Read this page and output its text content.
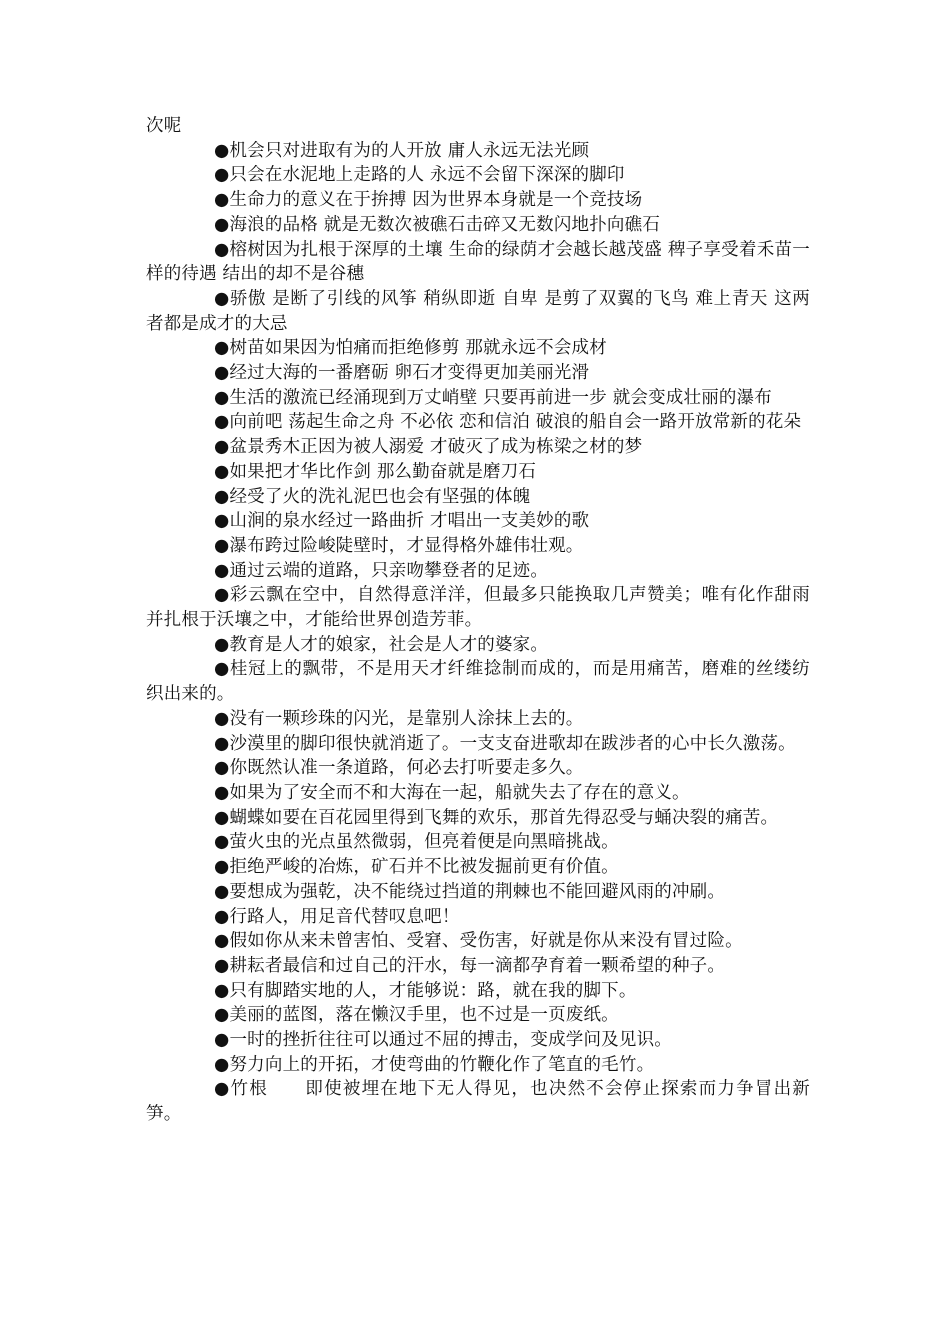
次呢

●机会只对进取有为的人开放 庸人永远无法光顾

●只会在水泥地上走路的人 永远不会留下深深的脚印

●生命力的意义在于拚搏 因为世界本身就是一个竞技场

●海浪的品格 就是无数次被礁石击碎又无数闪地扑向礁石

●榕树因为扎根于深厚的土壤 生命的绿荫才会越长越茂盛 稗子享受着禾苗一样的待遇 结出的却不是谷穗

●骄傲 是断了引线的风筝 稍纵即逝 自卑 是剪了双翼的飞鸟 难上青天 这两者都是成才的大忌

●树苗如果因为怕痛而拒绝修剪 那就永远不会成材

●经过大海的一番磨砺 卵石才变得更加美丽光滑

●生活的激流已经涌现到万丈峭壁 只要再前进一步 就会变成壮丽的瀑布

●向前吧 荡起生命之舟 不必依 恋和信泊 破浪的船自会一路开放常新的花朵

●盆景秀木正因为被人溺爱 才破灭了成为栋梁之材的梦

●如果把才华比作剑 那么勤奋就是磨刀石

●经受了火的洗礼泥巴也会有坚强的体魄

●山涧的泉水经过一路曲折 才唱出一支美妙的歌

●瀑布跨过险峻陡壁时，才显得格外雄伟壮观。

●通过云端的道路，只亲吻攀登者的足迹。

●彩云飘在空中，自然得意洋洋，但最多只能换取几声赞美；唯有化作甜雨并扎根于沃壤之中，才能给世界创造芳菲。

●教育是人才的娘家，社会是人才的婆家。

●桂冠上的飘带，不是用天才纤维捻制而成的，而是用痛苦，磨难的丝缕纺织出来的。

●没有一颗珍珠的闪光，是靠别人涂抹上去的。

●沙漠里的脚印很快就消逝了。一支支奋进歌却在跋涉者的心中长久激荡。

●你既然认准一条道路，何必去打听要走多久。

●如果为了安全而不和大海在一起，船就失去了存在的意义。

●蝴蝶如要在百花园里得到飞舞的欢乐，那首先得忍受与蛹决裂的痛苦。

●萤火虫的光点虽然微弱，但亮着便是向黑暗挑战。

●拒绝严峻的冶炼，矿石并不比被发掘前更有价值。

●要想成为强乾，决不能绕过挡道的荆棘也不能回避风雨的冲刷。

●行路人，用足音代替叹息吧！

●假如你从来未曾害怕、受窘、受伤害，好就是你从来没有冒过险。

●耕耘者最信和过自己的汗水，每一滴都孕育着一颗希望的种子。

●只有脚踏实地的人，才能够说：路，就在我的脚下。

●美丽的蓝图，落在懒汉手里，也不过是一页废纸。

●一时的挫折往往可以通过不屈的搏击，变成学问及见识。

●努力向上的开拓，才使弯曲的竹鞭化作了笔直的毛竹。

●竹根　　即使被埋在地下无人得见，也决然不会停止探索而力争冒出新笋。
